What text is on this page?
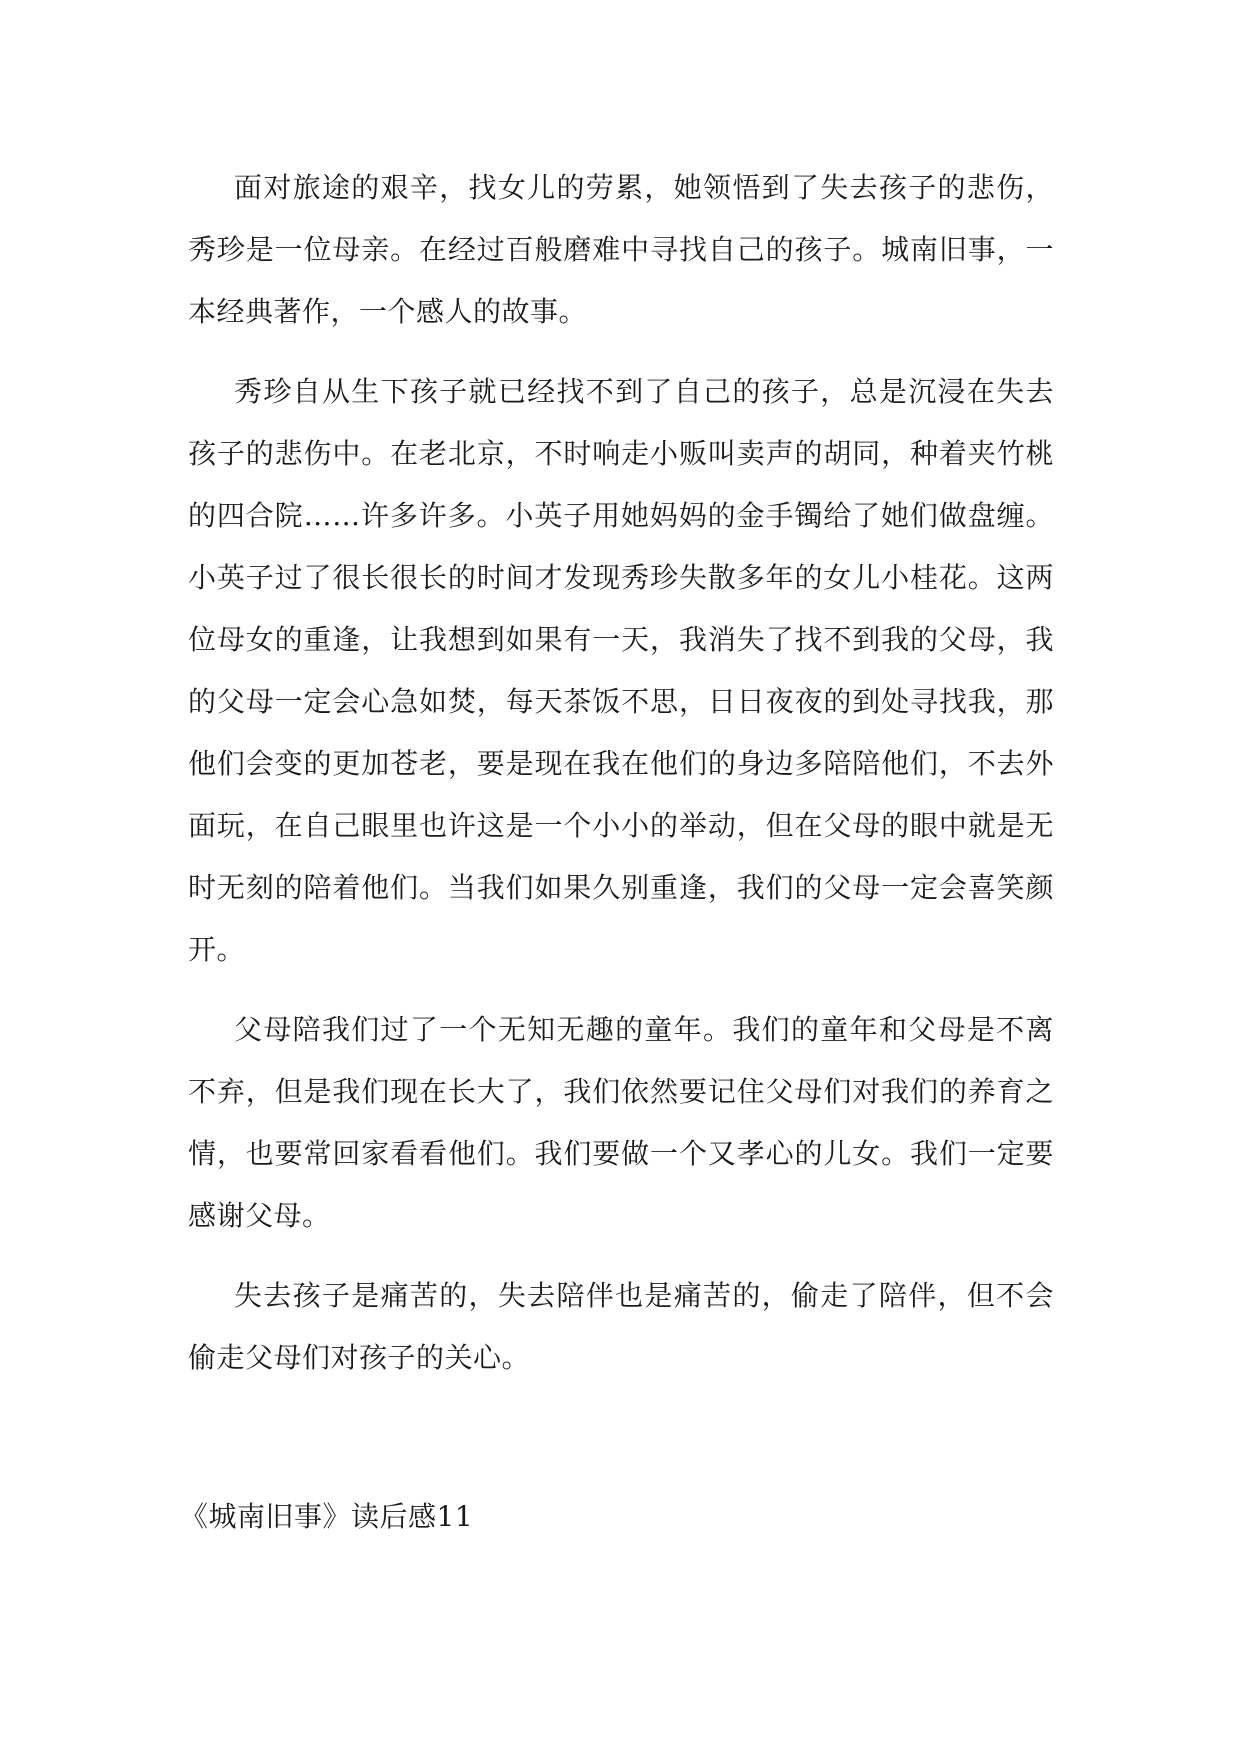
面对旅途的艰辛，找女儿的劳累，她领悟到了失去孩子的悲伤，秀珍是一位母亲。在经过百般磨难中寻找自己的孩子。城南旧事，一本经典著作，一个感人的故事。

秀珍自从生下孩子就已经找不到了自己的孩子，总是沉浸在失去孩子的悲伤中。在老北京，不时响走小贩叫卖声的胡同，种着夹竹桃的四合院……许多许多。小英子用她妈妈的金手镯给了她们做盘缠。小英子过了很长很长的时间才发现秀珍失散多年的女儿小桂花。这两位母女的重逢，让我想到如果有一天，我消失了找不到我的父母，我的父母一定会心急如焚，每天茶饭不思，日日夜夜的到处寻找我，那他们会变的更加苍老，要是现在我在他们的身边多陪陪他们，不去外面玩，在自己眼里也许这是一个小小的举动，但在父母的眼中就是无时无刻的陪着他们。当我们如果久别重逢，我们的父母一定会喜笑颜开。

父母陪我们过了一个无知无趣的童年。我们的童年和父母是不离不弃，但是我们现在长大了，我们依然要记住父母们对我们的养育之情，也要常回家看看他们。我们要做一个又孝心的儿女。我们一定要感谢父母。

失去孩子是痛苦的，失去陪伴也是痛苦的，偷走了陪伴，但不会偷走父母们对孩子的关心。

《城南旧事》读后感11
